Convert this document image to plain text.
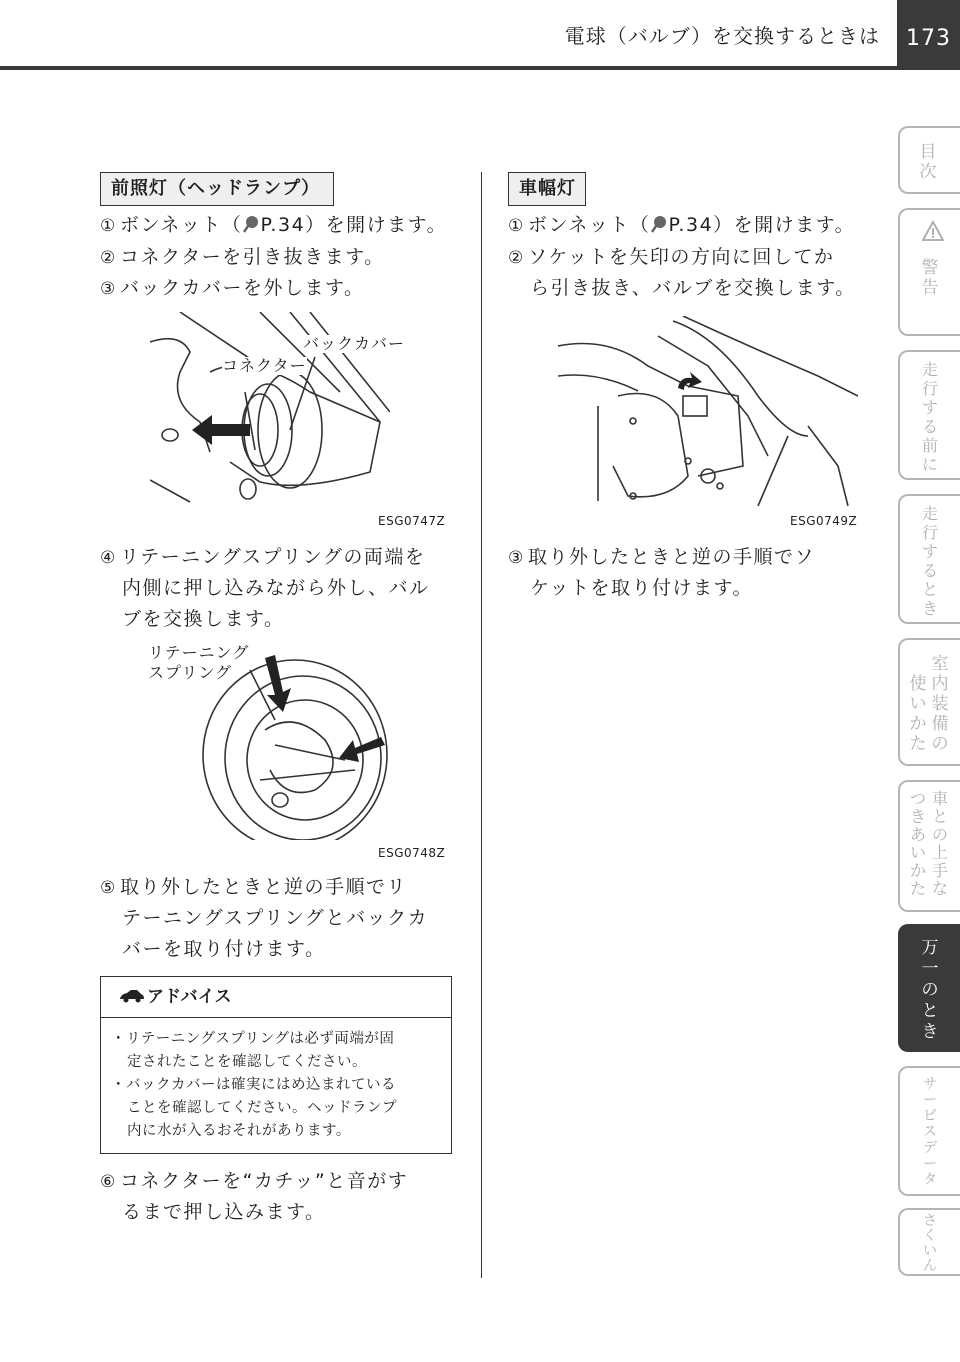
電球（バルブ）を交換するときは	173
目次
警告
走行する前に
走行するとき
室内装備の
使いかた
車との上手な
つきあいかた
万一のとき
サービスデータ
さくいん
前照灯（ヘッドランプ）
① ボンネット（ P.34）を開けます。
② コネクターを引き抜きます。
③ バックカバーを外します。
バックカバー
コネクター
ESG0747Z
④ リテーニングスプリングの両端を
内側に押し込みながら外し、バル
ブを交換します。
リテーニング
スプリング
ESG0748Z
⑤ 取り外したときと逆の手順でリ
テーニングスプリングとバックカ
バーを取り付けます。
アドバイス
・リテーニングスプリングは必ず両端が固
定されたことを確認してください。
・バックカバーは確実にはめ込まれている
ことを確認してください。ヘッドランプ
内に水が入るおそれがあります。
⑥ コネクターを“カチッ”と音がす
るまで押し込みます。
車幅灯
① ボンネット（ P.34）を開けます。
② ソケットを矢印の方向に回してか
ら引き抜き、バルブを交換します。
ESG0749Z
③ 取り外したときと逆の手順でソ
ケットを取り付けます。
